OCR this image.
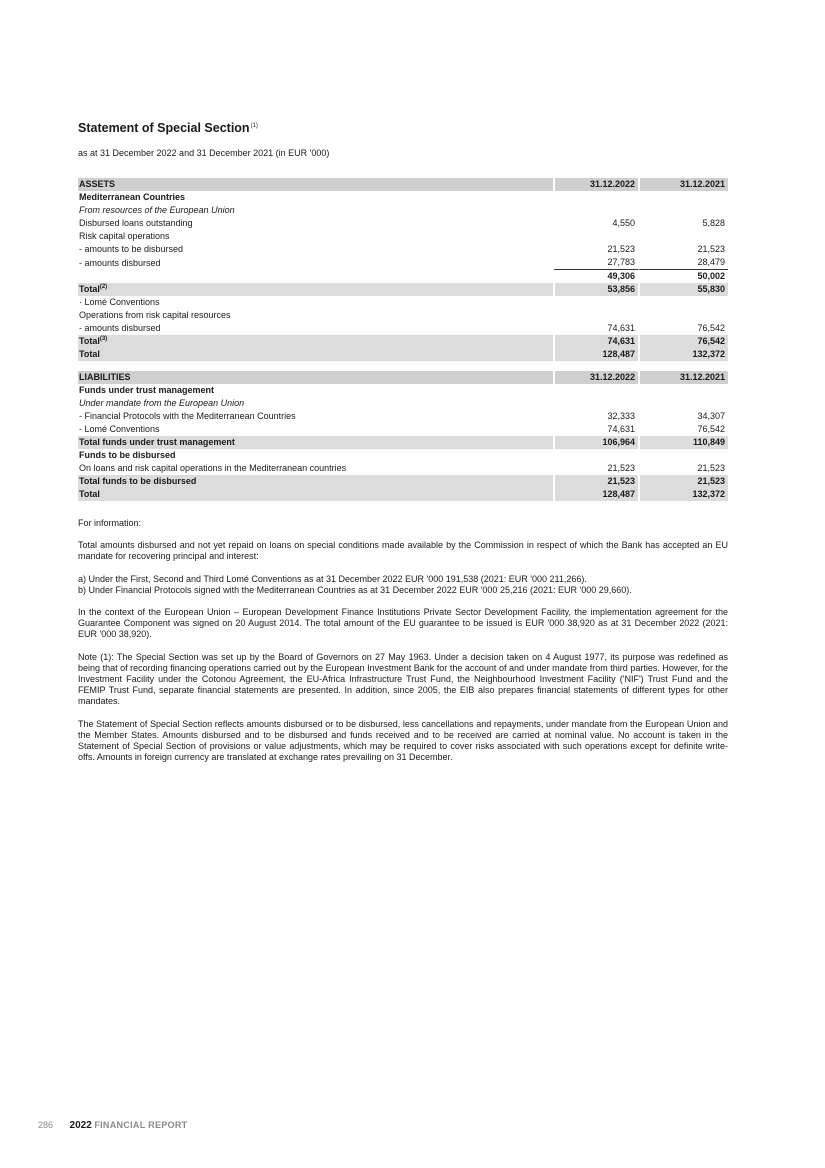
Statement of Special Section$^{(1)}$
as at 31 December 2022 and 31 December 2021 (in EUR '000)
ASSETS	31.12.2022	31.12.2021
Mediterranean Countries		
From resources of the European Union		
Disbursed loans outstanding	4,550	5,828
Risk capital operations		
- amounts to be disbursed	21,523	21,523
- amounts disbursed	27,783	28,479
	49,306	50,002
Total$^{(2)}$	53,856	55,830
· Lomé Conventions		
Operations from risk capital resources		
- amounts disbursed	74,631	76,542
Total$^{(3)}$	74,631	76,542
Total	128,487	132,372
LIABILITIES	31.12.2022	31.12.2021
Funds under trust management		
Under mandate from the European Union		
- Financial Protocols with the Mediterranean Countries	32,333	34,307
- Lomé Conventions	74,631	76,542
Total funds under trust management	106,964	110,849
Funds to be disbursed		
On loans and risk capital operations in the Mediterranean countries	21,523	21,523
Total funds to be disbursed	21,523	21,523
Total	128,487	132,372

For information:

Total amounts disbursed and not yet repaid on loans on special conditions made available by the Commission in respect of which the Bank has accepted an EU mandate for recovering principal and interest:

a) Under the First, Second and Third Lomé Conventions as at 31 December 2022 EUR '000 191,538 (2021: EUR '000 211,266).

b) Under Financial Protocols signed with the Mediterranean Countries as at 31 December 2022 EUR '000 25,216 (2021: EUR '000 29,660).

In the context of the European Union – European Development Finance Institutions Private Sector Development Facility, the implementation agreement for the Guarantee Component was signed on 20 August 2014. The total amount of the EU guarantee to be issued is EUR '000 38,920 as at 31 December 2022 (2021: EUR '000 38,920).

Note (1): The Special Section was set up by the Board of Governors on 27 May 1963. Under a decision taken on 4 August 1977, its purpose was redefined as being that of recording financing operations carried out by the European Investment Bank for the account of and under mandate from third parties. However, for the Investment Facility under the Cotonou Agreement, the EU-Africa Infrastructure Trust Fund, the Neighbourhood Investment Facility ('NIF') Trust Fund and the FEMIP Trust Fund, separate financial statements are presented. In addition, since 2005, the EIB also prepares financial statements of different types for other mandates.

The Statement of Special Section reflects amounts disbursed or to be disbursed, less cancellations and repayments, under mandate from the European Union and the Member States. Amounts disbursed and to be disbursed and funds received and to be received are carried at nominal value. No account is taken in the Statement of Special Section of provisions or value adjustments, which may be required to cover risks associated with such operations except for definite write-offs. Amounts in foreign currency are translated at exchange rates prevailing on 31 December.

286 2022 FINANCIAL REPORT
